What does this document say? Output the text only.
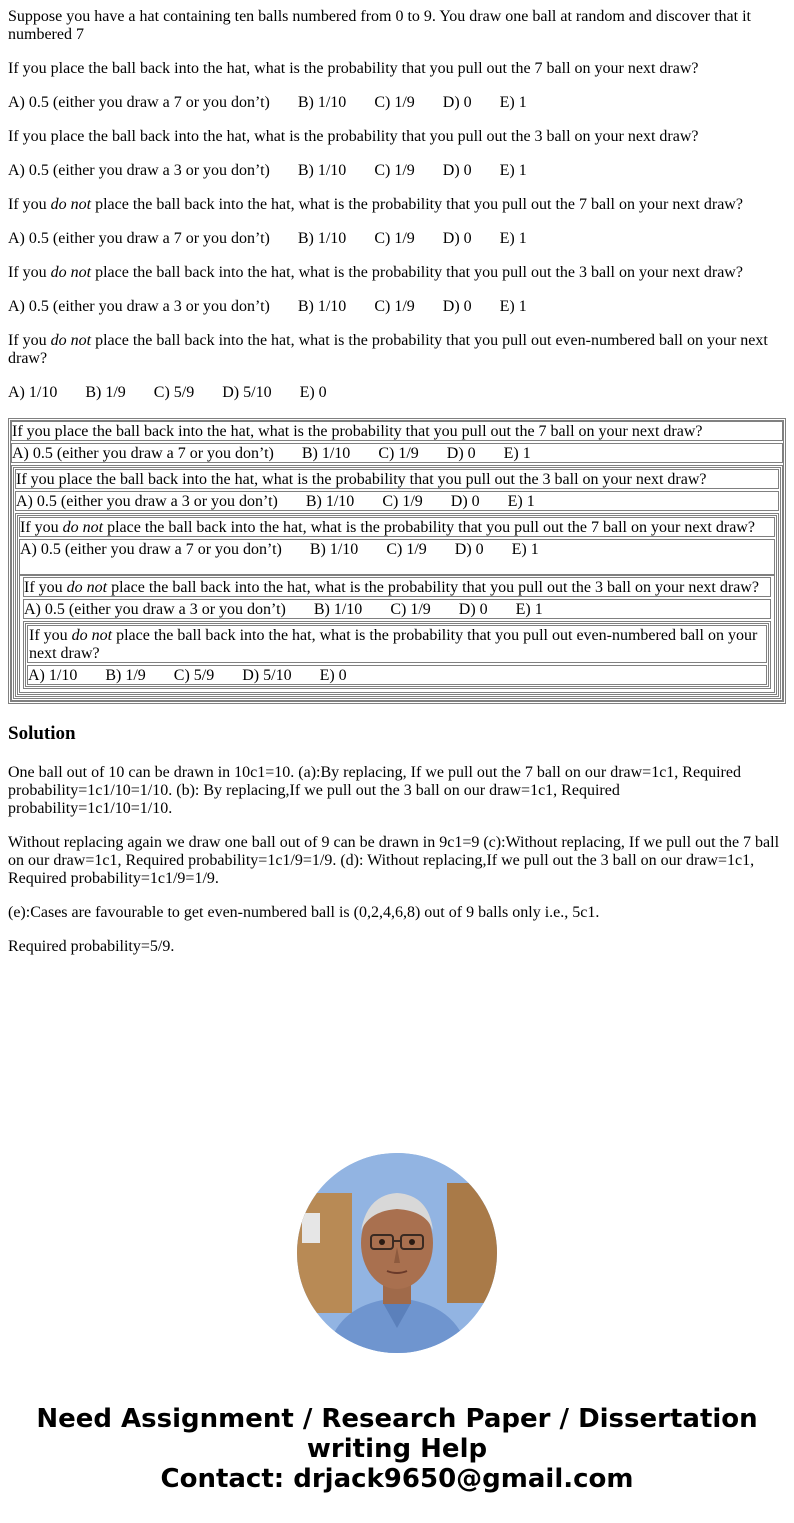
Suppose you have a hat containing ten balls numbered from 0 to 9. You draw one ball at random and discover that it numbered 7

If you place the ball back into the hat, what is the probability that you pull out the 7 ball on your next draw?

A) 0.5 (either you draw a 7 or you don’t) B) 1/10 C) 1/9 D) 0 E) 1

If you place the ball back into the hat, what is the probability that you pull out the 3 ball on your next draw?

A) 0.5 (either you draw a 3 or you don’t) B) 1/10 C) 1/9 D) 0 E) 1

If you do not place the ball back into the hat, what is the probability that you pull out the 7 ball on your next draw?

A) 0.5 (either you draw a 7 or you don’t) B) 1/10 C) 1/9 D) 0 E) 1

If you do not place the ball back into the hat, what is the probability that you pull out the 3 ball on your next draw?

A) 0.5 (either you draw a 3 or you don’t) B) 1/10 C) 1/9 D) 0 E) 1

If you do not place the ball back into the hat, what is the probability that you pull out even-numbered ball on your next draw?

A) 1/10 B) 1/9 C) 5/9 D) 5/10 E) 0

If you place the ball back into the hat, what is the probability that you pull out the 7 ball on your next draw?
A) 0.5 (either you draw a 7 or you don’t) B) 1/10 C) 1/9 D) 0 E) 1
If you place the ball back into the hat, what is the probability that you pull out the 3 ball on your next draw?
A) 0.5 (either you draw a 3 or you don’t) B) 1/10 C) 1/9 D) 0 E) 1
If you do not place the ball back into the hat, what is the probability that you pull out the 7 ball on your next draw?
A) 0.5 (either you draw a 7 or you don’t) B) 1/10 C) 1/9 D) 0 E) 1
If you do not place the ball back into the hat, what is the probability that you pull out the 3 ball on your next draw?
A) 0.5 (either you draw a 3 or you don’t) B) 1/10 C) 1/9 D) 0 E) 1
If you do not place the ball back into the hat, what is the probability that you pull out even-numbered ball on your next draw?
A) 1/10 B) 1/9 C) 5/9 D) 5/10 E) 0
Solution

One ball out of 10 can be drawn in 10c1=10. (a):By replacing, If we pull out the 7 ball on our draw=1c1, Required probability=1c1/10=1/10. (b): By replacing,If we pull out the 3 ball on our draw=1c1, Required probability=1c1/10=1/10.

Without replacing again we draw one ball out of 9 can be drawn in 9c1=9 (c):Without replacing, If we pull out the 7 ball on our draw=1c1, Required probability=1c1/9=1/9. (d): Without replacing,If we pull out the 3 ball on our draw=1c1, Required probability=1c1/9=1/9.

(e):Cases are favourable to get even-numbered ball is (0,2,4,6,8) out of 9 balls only i.e., 5c1.

Required probability=5/9.

Need Assignment / Research Paper / Dissertation
writing Help
Contact: drjack9650@gmail.com
